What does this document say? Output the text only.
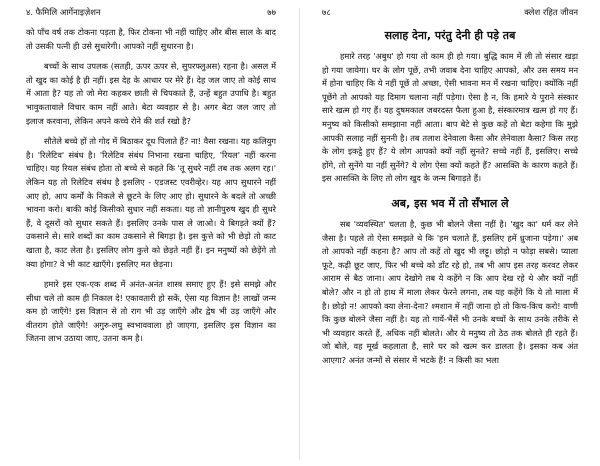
४. फैमिलि आर्गेनाइज़ेशन	७७

को पाँच वर्ष तक टोकना पड़ता है, फिर टोकना भी नहीं चाहिए और बीस साल के बाद तो उसकी पत्नी ही उसे सुधारेगी। आपको नहीं सुधारना है।

बच्चों के साथ उपलक (सतही, ऊपर ऊपर से, सुपरफ्लुअस) रहना है। असल में तो खुद का कोई है ही नहीं। इस देह के आधार पर मेरे हैं। देह जल जाए तो कोई साथ में आता है? यह तो जो मेरा कहकर छाती से चिपकाते हैं, उन्हें बहुत उपाधि है। बहुत भावुकतावाले विचार काम नहीं आते। बेटा व्यवहार से है। अगर बेटा जल जाए तो इलाज करवाना, लेकिन अपने कच्चे रोने की शर्त रखो है?

सौतेले बच्चे हों तो गोद में बिठाकर दूध पिलाते हैं? ना! वैसा रखना। यह कलियुग है। 'रिलेटिव' संबंध है। 'रिलेटिव संबंध निभाना रखना चाहिए, 'रियल' नहीं करना चाहिए। यह रियल संबंध होता तो बच्चे से कहते कि 'तू सुधरे नहीं तब तक अलग रह।' लेकिन यह तो रिलेटिव संबंध है इसलिए - एडजस्ट एवरीव्हेर। यह आप सुधारने नहीं आए हो, आप कर्मों के निकले से छूटने के लिए आए हो। सुधारने के बदले तो अच्छी भावना करो। बाकी कोई किसीको सुधार नहीं सकता। यह तो ज्ञानीपुरुष खुद ही सुधरे हैं, वे दूसरों को सुधार सकते हैं। इसलिए उनके पास ले जाओ। ये बिगड़ते क्यों हैं? उकसाने से। सारे शब्दों का काम उकसाने से बिगड़ा है। इस कुत्ते को भी छेड़ो तो काट खाता है, काट लेता है। इसलिए लोग कुत्ते को छेड़ते नहीं हैं। इन मनुष्यों को छेड़ेंगे तो क्या होगा? वे भी काट खाएँगे। इसलिए मत छेड़ना।

हमारे इस एक-एक शब्द में अनंत-अनंत शास्त्र समाए हुए हैं! इसे समझे और सीधा चले तो काम ही निकाल दे! एकावतारी हो सकें, ऐसा यह विज्ञान है! लाखों जन्म कम हो जाएँगे! इस विज्ञान से तो राग भी उड़ जाएँगे और द्वेष भी उड़ जाएँगे और वीतराग होते जाएँगे! अगुरु-लघु स्वभाववाला हो जाएगा, इसलिए इस विज्ञान का जितना लाभ उठाया जाए, उतना कम है।

७८	क्लेश रहित जीवन
सलाह देना, परंतु देनी ही पड़े तब

हमारे तरह 'अबुध' हो गया तो काम ही हो गया। बुद्धि काम में ली तो संसार खड़ा हो गया जायेगा। घर के लोग पूछें, तभी जवाब देना चाहिए आपको, और उस समय मन में होना चाहिए कि ये नहीं पूछें तो अच्छा, ऐसी भावना मन में रखना चाहिए। क्योंकि नहीं पूछेंगे तो आपको यह दिमाग चलाना नहीं पड़ेगा। ऐसा है न, कि हमारे ये पुराने संस्कार सारे खत्म हो गए हैं। यह दुषमकाल जबरदस्त फैला हुआ है, संस्कारमात्र खत्म हो गए हैं। मनुष्य को किसीको समझाना नहीं आता। बाप बेटे से कुछ कहें तो बेटा कहेगा कि मुझे आपकी सलाह नहीं सुननी है। तब तलाश देनेवाला कैसा और लेनेवाला कैसा? किस तरह के लोग इकट्ठे हुए हैं? ये लोग आपको क्यों नहीं सुनते? सच्चे नहीं हैं, इसलिए। सच्चे होंगे, तो सुनेंगे या नहीं सुनेंगे? ये लोग ऐसा क्यों कहते हैं? आसक्ति के कारण कहते हैं। इस आसक्ति के लिए तो लोग खुद के जन्म बिगाड़ते हैं।

अब, इस भव में तो सँभाल ले

सब 'व्यवस्थित' चलता है, कुछ भी बोलने जैसा नहीं है। 'खुद का' धर्म कर लेने जैसा है। पहले तो ऐसा समझते थे कि 'हम चलाते हैं, इसलिए हमें ध्रुजाना पड़ेगा।' अब तो आपको नहीं कहना है? आप तो कहें तो खुद भी लट्टू। छोड़ो न फोड़ा सबसे। प्याला फूटे, कढ़ी छूट जाए, फिर भी बच्चे को डाँट रहे हो, तब भी आप इस तरह करवट लेकर आराम से बैठ जाना। आप देखोगे तब ये कहेंगे न कि आप देख रहे थे और क्यों नहीं बोले? और न हो तो हाथ में माला लेकर फेरने लगना, तब यह कहेंगे कि ये तो माला में है। छोड़ो न! आपको क्या लेना-देना? श्मशान में नहीं जाना हो तो किच-किच करो! वाणी कि कुछ बोलने जैसा नहीं है। यह तो गायें-भैंसें भी उनके बच्चों के साथ उनके तरीके से भी व्यवहार करते हैं, अधिक नहीं बोलते। और ये मनुष्य तो ठेठ तक बोलते ही रहते हैं। जो बोले, वह मूर्ख कहलाता है, सारे घर को खत्म कर डालता है। इसका कब अंत आएगा? अनंत जन्मों से संसार में भटके हैं! न किसी का भला
